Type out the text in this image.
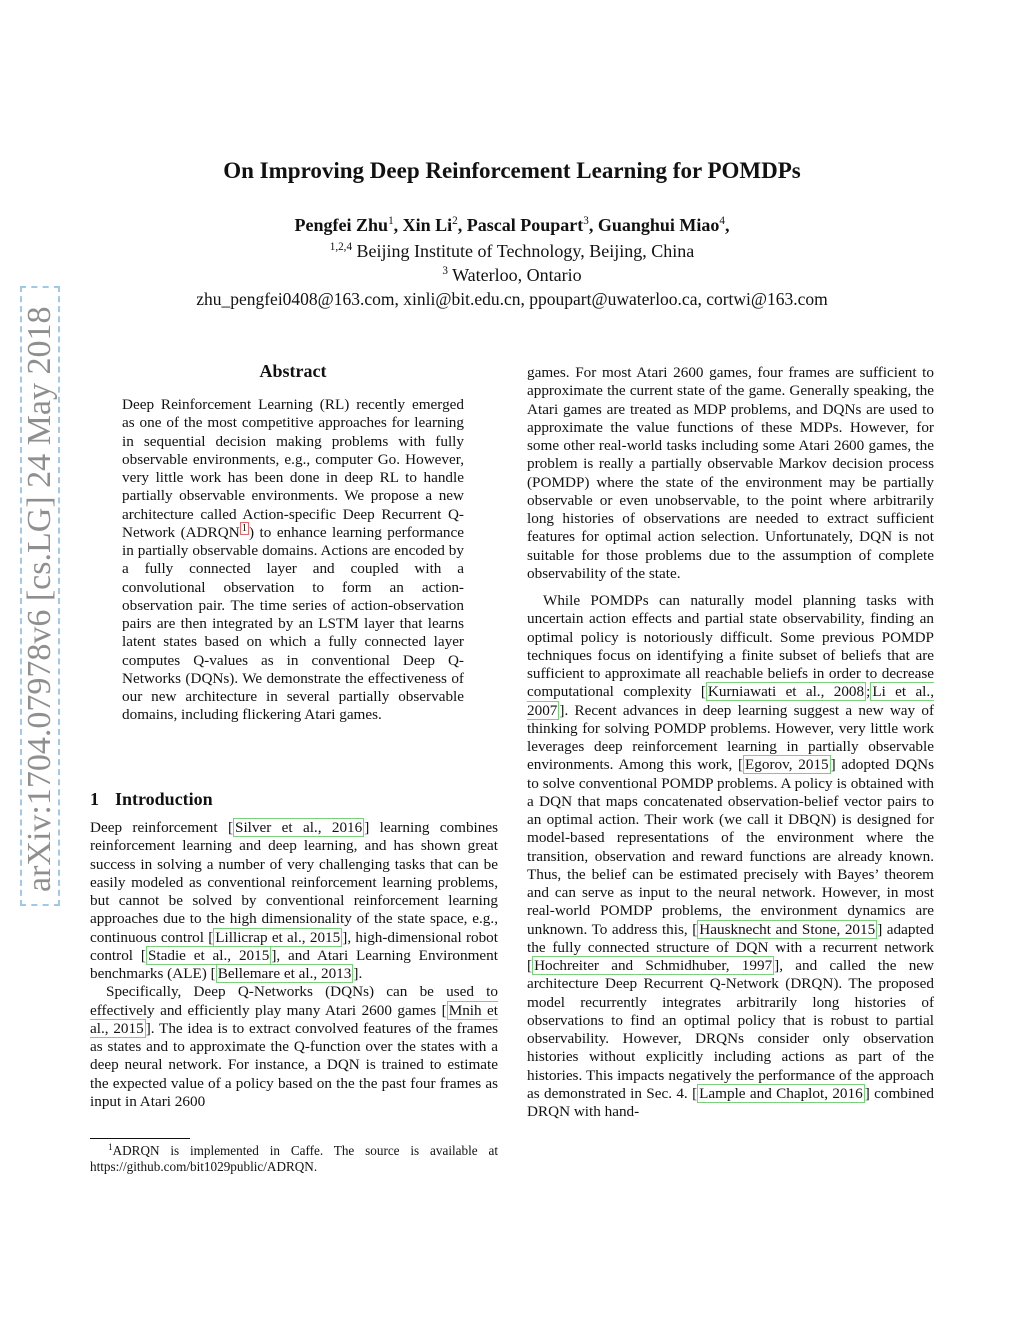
arXiv:1704.07978v6 [cs.LG] 24 May 2018
On Improving Deep Reinforcement Learning for POMDPs
Pengfei Zhu$^1$, Xin Li$^2$, Pascal Poupart$^3$, Guanghui Miao$^4$,
$^{1,2,4}$ Beijing Institute of Technology, Beijing, China
$^3$ Waterloo, Ontario
zhu_pengfei0408@163.com, xinli@bit.edu.cn, ppoupart@uwaterloo.ca, cortwi@163.com
Abstract

Deep Reinforcement Learning (RL) recently emerged as one of the most competitive approaches for learning in sequential decision making problems with fully observable environments, e.g., computer Go. However, very little work has been done in deep RL to handle partially observable environments. We propose a new architecture called Action-specific Deep Recurrent Q-Network (ADRQN $^1$ ) to enhance learning performance in partially observable domains. Actions are encoded by a fully connected layer and coupled with a convolutional observation to form an action-observation pair. The time series of action-observation pairs are then integrated by an LSTM layer that learns latent states based on which a fully connected layer computes Q-values as in conventional Deep Q-Networks (DQNs). We demonstrate the effectiveness of our new architecture in several partially observable domains, including flickering Atari games.

1 Introduction

Deep reinforcement [ Silver et al., 2016 ] learning combines reinforcement learning and deep learning, and has shown great success in solving a number of very challenging tasks that can be easily modeled as conventional reinforcement learning problems, but cannot be solved by conventional reinforcement learning approaches due to the high dimensionality of the state space, e.g., continuous control [ Lillicrap et al., 2015 ], high-dimensional robot control [ Stadie et al., 2015 ], and Atari Learning Environment benchmarks (ALE) [ Bellemare et al., 2013 ].

Specifically, Deep Q-Networks (DQNs) can be used to effectively and efficiently play many Atari 2600 games [ Mnih et al., 2015 ]. The idea is to extract convolved features of the frames as states and to approximate the Q-function over the states with a deep neural network. For instance, a DQN is trained to estimate the expected value of a policy based on the the past four frames as input in Atari 2600

games. For most Atari 2600 games, four frames are sufficient to approximate the current state of the game. Generally speaking, the Atari games are treated as MDP problems, and DQNs are used to approximate the value functions of these MDPs. However, for some other real-world tasks including some Atari 2600 games, the problem is really a partially observable Markov decision process (POMDP) where the state of the environment may be partially observable or even unobservable, to the point where arbitrarily long histories of observations are needed to extract sufficient features for optimal action selection. Unfortunately, DQN is not suitable for those problems due to the assumption of complete observability of the state.

While POMDPs can naturally model planning tasks with uncertain action effects and partial state observability, finding an optimal policy is notoriously difficult. Some previous POMDP techniques focus on identifying a finite subset of beliefs that are sufficient to approximate all reachable beliefs in order to decrease computational complexity [ Kurniawati et al., 2008 ; Li et al., 2007 ]. Recent advances in deep learning suggest a new way of thinking for solving POMDP problems. However, very little work leverages deep reinforcement learning in partially observable environments. Among this work, [ Egorov, 2015 ] adopted DQNs to solve conventional POMDP problems. A policy is obtained with a DQN that maps concatenated observation-belief vector pairs to an optimal action. Their work (we call it DBQN) is designed for model-based representations of the environment where the transition, observation and reward functions are already known. Thus, the belief can be estimated precisely with Bayes’ theorem and can serve as input to the neural network. However, in most real-world POMDP problems, the environment dynamics are unknown. To address this, [ Hausknecht and Stone, 2015 ] adapted the fully connected structure of DQN with a recurrent network [ Hochreiter and Schmidhuber, 1997 ], and called the new architecture Deep Recurrent Q-Network (DRQN). The proposed model recurrently integrates arbitrarily long histories of observations to find an optimal policy that is robust to partial observability. However, DRQNs consider only observation histories without explicitly including actions as part of the histories. This impacts negatively the performance of the approach as demonstrated in Sec. 4. [ Lample and Chaplot, 2016 ] combined DRQN with hand-

$^1$ADRQN is implemented in Caffe. The source is available at https://github.com/bit1029public/ADRQN.
